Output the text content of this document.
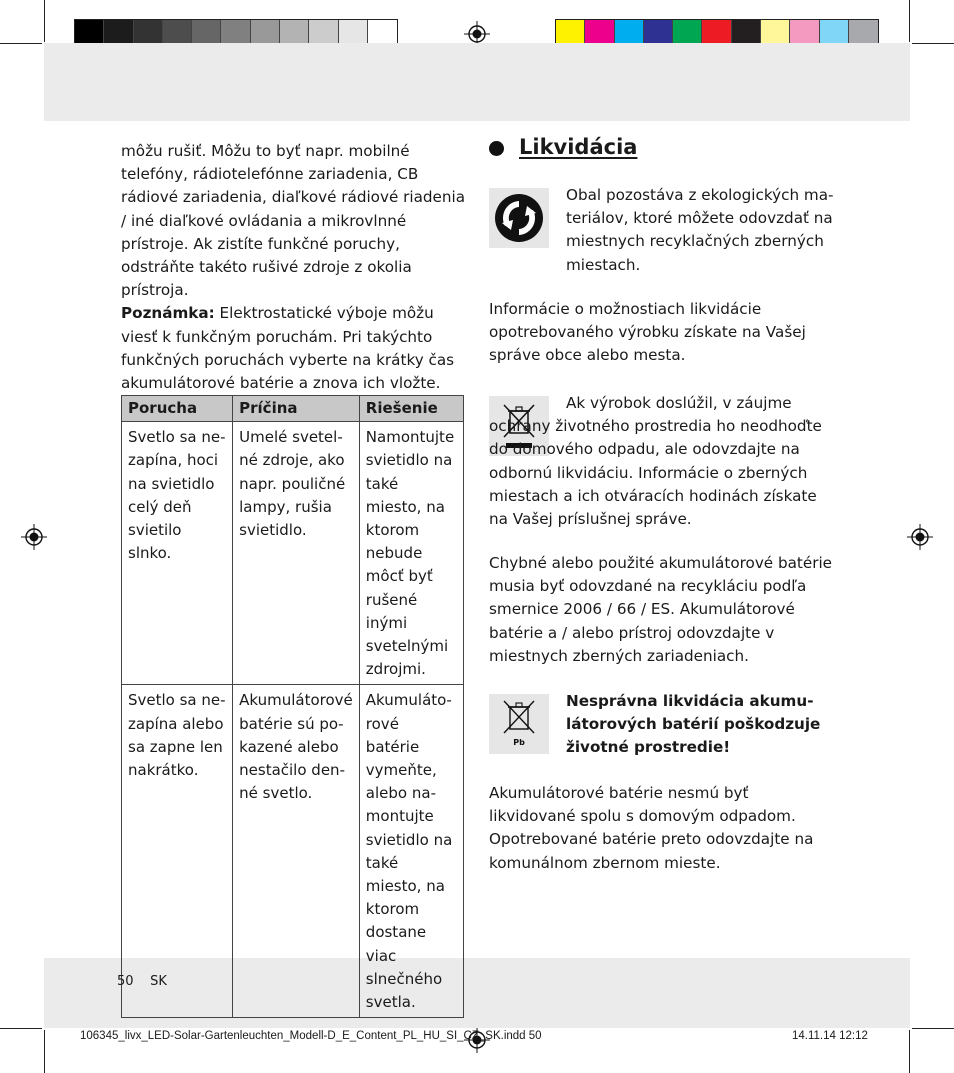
môžu rušiť. Môžu to byť napr. mobilné telefóny, rádiotelefónne zariadenia, CB rádiové zariadenia, diaľkové rádiové riadenia / iné diaľkové ovládania a mikrovlnné prístroje. Ak zistíte funkčné poruchy, odstráňte takéto rušivé zdroje z okolia prístroja.

Poznámka: Elektrostatické výboje môžu viesť k funkčným poruchám. Pri takýchto funkčných poruchách vyberte na krátky čas akumulátorové batérie a znova ich vložte.

Porucha	Príčina	Riešenie
Svetlo sa nezapína, hoci na svietidlo celý deň svietilo slnko.	Umelé svetelné zdroje, ako napr. pouličné lampy, rušia svietidlo.	Namontujte svietidlo na také miesto, na ktorom nebude môcť byť rušené inými svetelnými zdrojmi.
Svetlo sa nezapína alebo sa zapne len nakrátko.	Akumulátorové batérie sú pokazené alebo nestačilo denné svetlo.	Akumulátorové batérie vymeňte, alebo namontujte svietidlo na také miesto, na ktorom dostane viac slnečného svetla.
Likvidácia
Obal pozostáva z ekologických materiálov, ktoré môžete odovzdať na miestnych recyklačných zberných miestach.
Informácie o možnostiach likvidácie opotrebovaného výrobku získate na Vašej správe obce alebo mesta.
Ak výrobok doslúžil, v záujme ochrany životného prostredia ho neodhoďte do domového odpadu, ale odovzdajte na odbornú likvidáciu. Informácie o zberných miestach a ich otváracích hodinách získate na Vašej príslušnej správe.
Chybné alebo použité akumulátorové batérie musia byť odovzdané na recykláciu podľa smernice 2006 / 66 / ES. Akumulátorové batérie a / alebo prístroj odovzdajte v miestnych zberných zariadeniach.
Pb
Nesprávna likvidácia akumulátorových batérií poškodzuje životné prostredie!
Akumulátorové batérie nesmú byť likvidované spolu s domovým odpadom. Opotrebované batérie preto odovzdajte na komunálnom zbernom mieste.
50 SK
106345_livx_LED-Solar-Gartenleuchten_Modell-D_E_Content_PL_HU_SI_CZ_SK.indd 50	14.11.14 12:12
